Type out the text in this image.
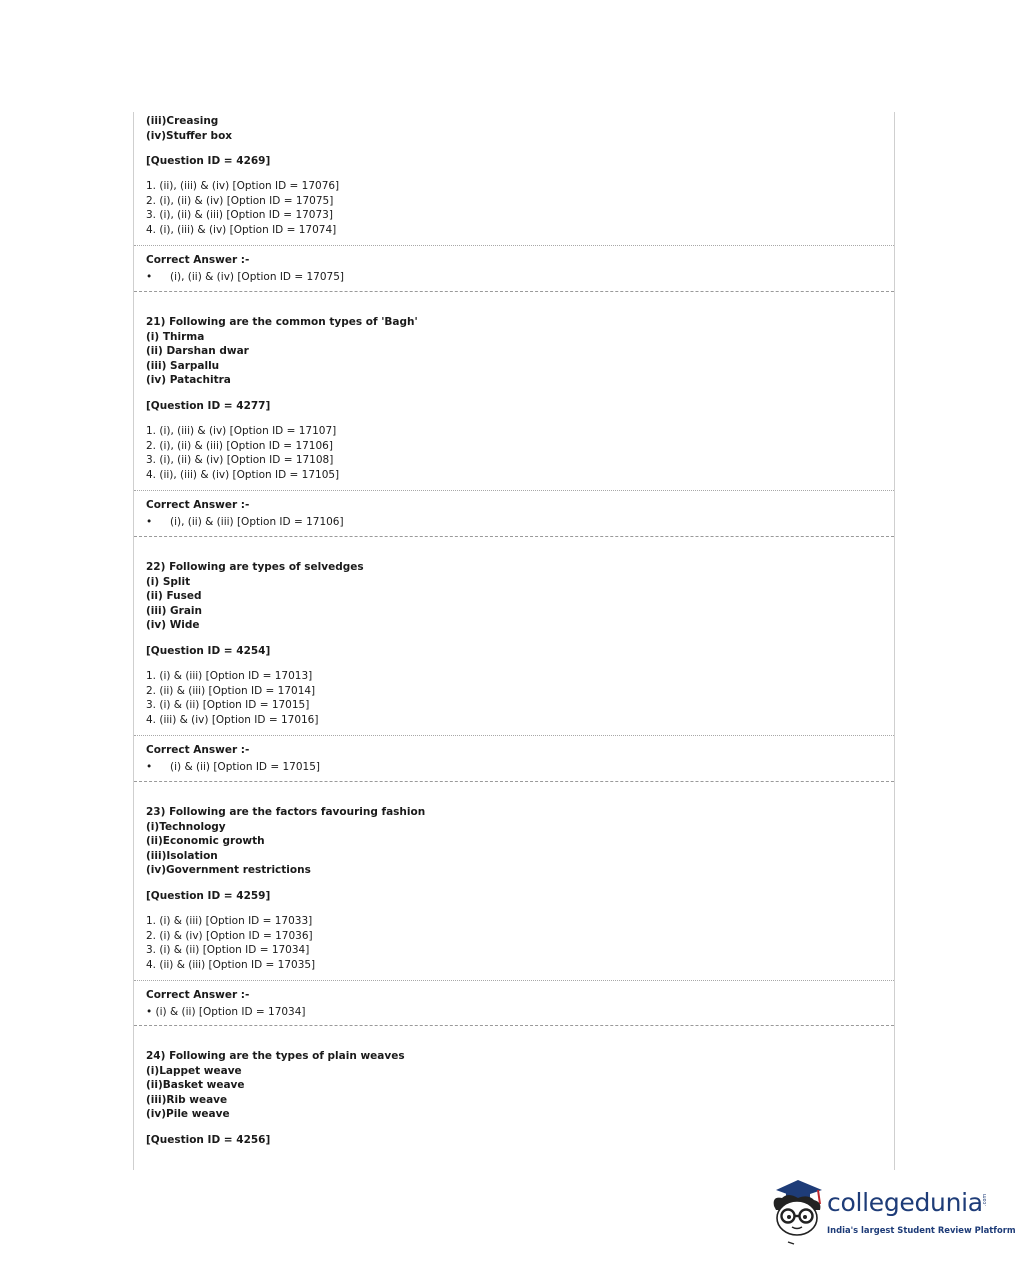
(iii)Creasing
(iv)Stuffer box
[Question ID = 4269]
1. (ii), (iii) & (iv) [Option ID = 17076]
2. (i), (ii) & (iv) [Option ID = 17075]
3. (i), (ii) & (iii) [Option ID = 17073]
4. (i), (iii) & (iv) [Option ID = 17074]
Correct Answer :-
• (i), (ii) & (iv) [Option ID = 17075]
21) Following are the common types of 'Bagh'
(i) Thirma
(ii) Darshan dwar
(iii) Sarpallu
(iv) Patachitra
[Question ID = 4277]
1. (i), (iii) & (iv) [Option ID = 17107]
2. (i), (ii) & (iii) [Option ID = 17106]
3. (i), (ii) & (iv) [Option ID = 17108]
4. (ii), (iii) & (iv) [Option ID = 17105]
Correct Answer :-
• (i), (ii) & (iii) [Option ID = 17106]
22) Following are types of selvedges
(i) Split
(ii) Fused
(iii) Grain
(iv) Wide
[Question ID = 4254]
1. (i) & (iii) [Option ID = 17013]
2. (ii) & (iii) [Option ID = 17014]
3. (i) & (ii) [Option ID = 17015]
4. (iii) & (iv) [Option ID = 17016]
Correct Answer :-
• (i) & (ii) [Option ID = 17015]
23) Following are the factors favouring fashion
(i)Technology
(ii)Economic growth
(iii)Isolation
(iv)Government restrictions
[Question ID = 4259]
1. (i) & (iii) [Option ID = 17033]
2. (i) & (iv) [Option ID = 17036]
3. (i) & (ii) [Option ID = 17034]
4. (ii) & (iii) [Option ID = 17035]
Correct Answer :-
• (i) & (ii) [Option ID = 17034]
24) Following are the types of plain weaves
(i)Lappet weave
(ii)Basket weave
(iii)Rib weave
(iv)Pile weave
[Question ID = 4256]
collegedunia .com
India's largest Student Review Platform
